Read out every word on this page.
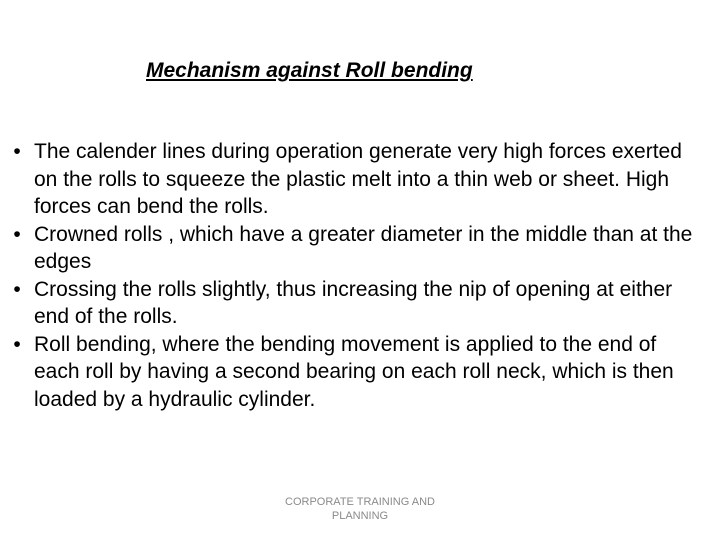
Mechanism against Roll bending
• The calender lines during operation generate very high forces exerted on the rolls to squeeze the plastic melt into a thin web or sheet. High forces can bend the rolls.
• Crowned rolls , which have a greater diameter in the middle than at the edges
• Crossing the rolls slightly, thus increasing the nip of opening at either end of the rolls.
• Roll bending, where the bending movement is applied to the end of each roll by having a second bearing on each roll neck, which is then loaded by a hydraulic cylinder.
CORPORATE TRAINING AND
PLANNING
